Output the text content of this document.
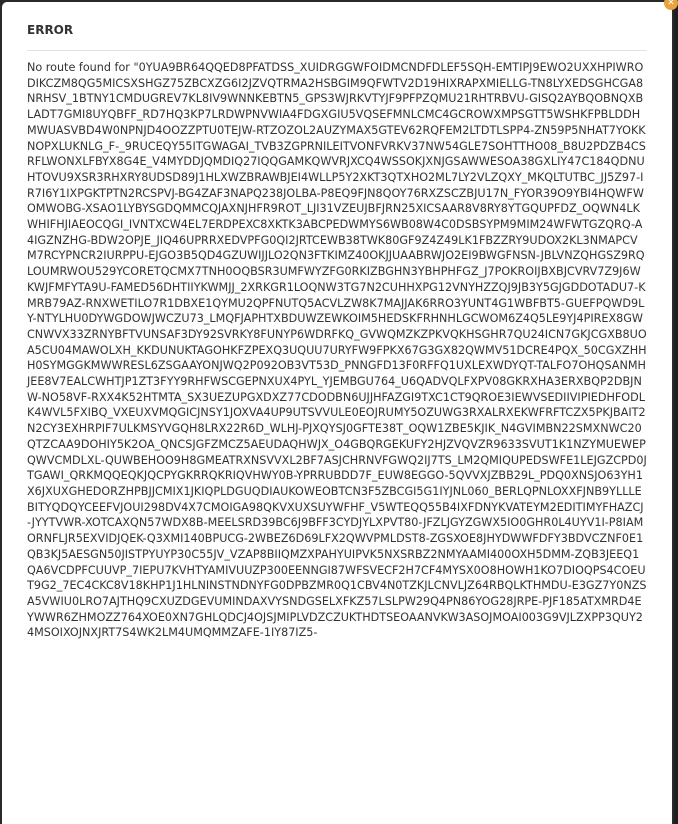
✕
ERROR

No route found for "0YUA9BR64QQED8PFATDSS_XUIDRGGWFOIDMCNDFDLEF5SQH-EMTIPJ9EWO2UXXHPIWRODIKCZM8QG5MICSXSHGZ75ZBCXZG6I2JZVQTRMA2HSBGIM9QFWTV2D19HIXRAPXMIELLG-TN8LYXEDSGHCGA8NRHSV_1BTNY1CMDUGREV7KL8IV9WNNKEBTN5_GPS3WJRKVTYJF9PFPZQMU21RHTRBVU-GISQ2AYBQOBNQXBLADT7GMI8UYQBFF_RD7HQ3KP7LRDWPNVWIA4FDGXGIU5VQSEFMNLCMC4GCROWXMPSGTT5WSHKFPBLDDHMWUASVBD4W0NPNJD4OOZZPTU0TEJW-RTZOZOL2AUZYMAX5GTEV62RQFEM2LTDTLSPP4-ZN59P5NHAT7YOKKNOPXLUKNLG_F-_9RUCEQY55ITGWAGAI_TVB3ZGPRNILEITVONFVRKV37NW54GLE7SOHTTHO08_B8U2PDZB4CSRFLWONXLFBYX8G4E_V4MYDDJQMDIQ27IQQGAMKQWVRJXCQ4WSSOKJXNJGSAWWESOA38GXLIY47C184QDNUHTOVU9XSR3RHXRY8UDSD89J1HLXWZBRAWBJEI4WLLP5Y2XKT3QTXHO2ML7LY2VLZQXY_MKQLTUTBC_JJ5Z97-IR7I6Y1IXPGKTPTN2RCSPVJ-BG4ZAF3NAPQ238JOLBA-P8EQ9FJN8QOY76RXZSCZBJU17N_FYOR39O9YBI4HQWFWOMWOBG-XSAO1LYBYSGDQMMCQJAXNJHFR9ROT_LJI31VZEUJBFJRN25XICSAAR8V8RY8YTGQUPFDZ_OQWN4LKWHIFHJIAEOCQGI_IVNTXCW4EL7ERDPEXC8XKTK3ABCPEDWMYS6WB08W4C0DSBSYPM9MIM24WFWTGZQRQ-A4IGZNZHG-BDW2OPJE_JIQ46UPRRXEDVPFG0QI2JRTCEWB38TWK80GF9Z4Z49LK1FBZZRY9UDOX2KL3NMAPCVM7RCYPNCR2IURPPU-EJGO3B5QD4GZUWIJJLO2QN3FTKIMZ40OKJJUAABRWJO2EI9BWGFNSN-JBLVNZQHGSZ9RQLOUMRWOU529YCORETQCMX7TNH0OQBSR3UMFWYZFG0RKIZBGHN3YBHPHFGZ_J7POKROIJBXBJCVRV7Z9J6WKWJFMFYTA9U-FAMED56DHTIIYKWMJJ_2XRKGR1LOQNW3TG7N2CUHHXPG12VNYHZZQJ9JB3Y5GJGDDOTADU7-KMRB79AZ-RNXWETILO7R1DBXE1QYMU2QPFNUTQ5ACVLZW8K7MAJJAK6RRO3YUNT4G1WBFBT5-GUEFPQWD9LY-NTYLHU0DYWGDOWJWCZU73_LMQFJAPHTXBDUWZEWKOIM5HEDSKFRHNHLGCWOM6Z4Q5LE9YJ4PIREX8GWCNWVX33ZRNYBFTVUNSAF3DY92SVRKY8FUNYP6WDRFKQ_GVWQMZKZPKVQKHSGHR7QU24ICN7GKJCGXB8UOA5CU04MAWOLXH_KKDUNUKTAGOHKFZPEXQ3UQUU7URYFW9FPKX67G3GX82QWMV51DCRE4PQX_50CGXZHHH0SYMGGKMWWRESL6ZSGAAYONJWQ2P092OB3VT53D_PNNGFD13F0RFFQ1UXLEXWDYQT-TALFO7OHQSANMHJEE8V7EALCWHTJP1ZT3FYY9RHFWSCGEPNXUX4PYL_YJEMBGU764_U6QADVQLFXPV08GKRXHA3ERXBQP2DBJNW-NO58VF-RXX4K52HTMTA_SX3UEZUPGXDXZ77CDODBN6UJJHFAZGI9TXC1CT9QROE3IEWVSEDIIVIPIEDHFODLK4WVL5FXIBQ_VXEUXVMQGICJNSY1JOXVA4UP9UTSVVULE0EOJRUMY5OZUWG3RXALRXEKWFRFTCZX5PKJBAIT2N2CY3EXHRPIF7ULKMSYVGQH8LRX22R6D_WLHJ-PJXQYSJ0GFTE38T_OQW1ZBE5KJIK_N4GVIMBN22SMXNWC20QTZCAA9DOHIY5K2OA_QNCSJGFZMCZ5AEUDAQHWJX_O4GBQRGEKUFY2HJZVQVZR9633SVUT1K1NZYMUEWEPQWVCMDLXL-QUWBEHOO9H8GMEATRXNSVVXL2BF7ASJCHRNVFGWQ2IJ7TS_LM2QMIQUPEDSWFE1LEJGZCPD0JTGAWI_QRKMQQEQKJQCPYGKRRQKRIQVHWY0B-YPRRUBDD7F_EUW8EGGO-5QVVXJZBB29L_PDQ0XNSJO63YH1X6JXUXGHEDORZHPBJJCMIX1JKIQPLDGUQDIAUKOWEOBTCN3F5ZBCGI5G1IYJNL060_BERLQPNLOXXFJNB9YLLLEBITYQDQYCEEFVJOUI298DV4X7CMOIGA98QKVXUXSUYWFHF_V5WTEQQ55B4IXFDNYKVATEYM2EDITIMYFHAZCJ-JYYTVWR-XOTCAXQN57WDX8B-MEELSRD39BC6J9BFF3CYDJYLXPVT80-JFZLJGYZGWX5IO0GHR0L4UYV1I-P8IAMORNFLJR5EXVIDJQEK-Q3XMI140BPUCG-2WBEZ6D69LFX2QWVPMLDST8-ZGSXOE8JHYDWWFDFY3BDVCZNF0E1QB3KJ5AESGN50JISTPYUYP30C55JV_VZAP8BIIQMZXPAHYUIPVK5NXSRBZ2NMYAAMI400OXH5DMM-ZQB3JEEQ1QA6VCDPFCUUVP_7IEPU7KVHTYAMIVUUZP300EENNGI87WFSVECF2H7CF4MYSX0O8HOWH1KO7DIOQPS4COEUT9G2_7EC4CKC8V18KHP1J1HLNINSTNDNYFG0DPBZMR0Q1CBV4N0TZKJLCNVLJZ64RBQLKTHMDU-E3GZ7Y0NZSA5VWIU0LRO7AJTHQ9CXUZDGEVUMINDAXVYSNDGSELXFKZ57LSLPW29Q4PN86YOG28JRPE-PJF185ATXMRD4EYWWR6ZHMOZZ764XOE0XN7GHLQDCJ4OJSJMIPLVDZCZUKTHDTSEOAANVKW3ASOJMOAI003G9VJLZXPP3QUY24MSOIXOJNXJRT7S4WK2LM4UMQMMZAFE-1IY87IZ5-
